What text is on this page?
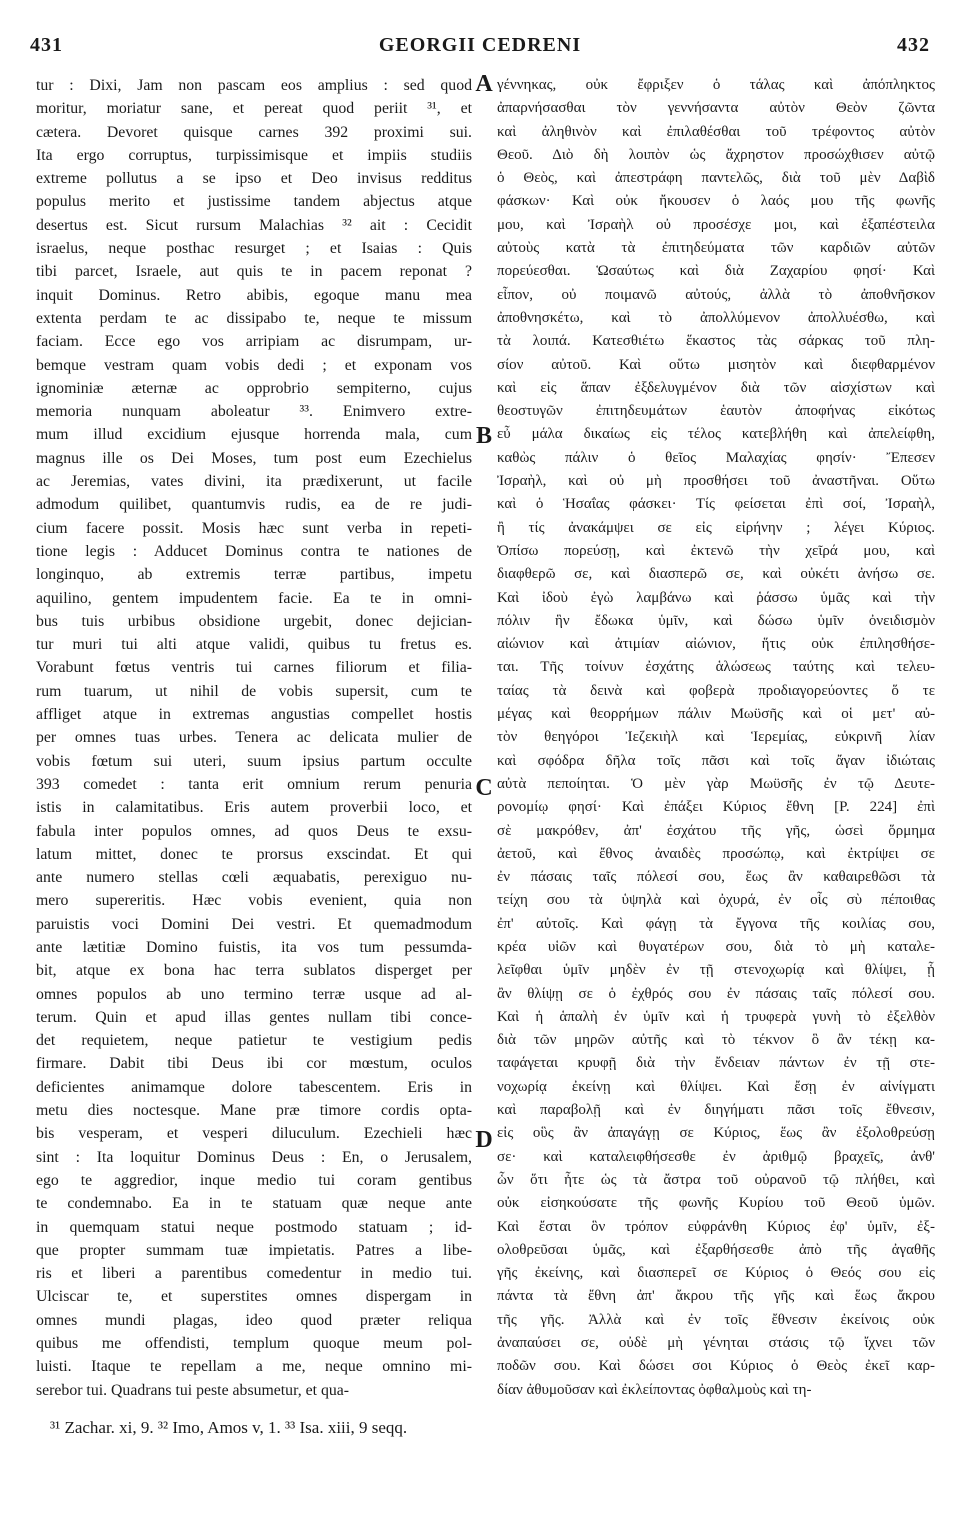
431	GEORGII CEDRENI	432
tur : Dixi, Jam non pascam eos amplius : sed quod
moritur, moriatur sane, et pereat quod periit ³¹, et
cætera. Devoret quisque carnes 392 proximi sui.
Ita ergo corruptus, turpissimisque et impiis studiis
extreme pollutus a se ipso et Deo invisus redditus
populus merito et justissime tandem abjectus atque
desertus est. Sicut rursum Malachias ³² ait : Cecidit
israelus, neque posthac resurget ; et Isaias : Quis
tibi parcet, Israele, aut quis te in pacem reponat ?
inquit Dominus. Retro abibis, egoque manu mea
extenta perdam te ac dissipabo te, neque te missum
faciam. Ecce ego vos arripiam ac disrumpam, ur-
bemque vestram quam vobis dedi ; et exponam vos
ignominiæ æternæ ac opprobrio sempiterno, cujus
memoria nunquam aboleatur ³³. Enimvero extre-
mum illud excidium ejusque horrenda mala, cum
magnus ille os Dei Moses, tum post eum Ezechielus
ac Jeremias, vates divini, ita prædixerunt, ut facile
admodum quilibet, quantumvis rudis, ea de re judi-
cium facere possit. Mosis hæc sunt verba in repeti-
tione legis : Adducet Dominus contra te nationes de
longinquo, ab extremis terræ partibus, impetu
aquilino, gentem impudentem facie. Ea te in omni-
bus tuis urbibus obsidione urgebit, donec dejician-
tur muri tui alti atque validi, quibus tu fretus es.
Vorabunt fœtus ventris tui carnes filiorum et filia-
rum tuarum, ut nihil de vobis supersit, cum te
affliget atque in extremas angustias compellet hostis
per omnes tuas urbes. Tenera ac delicata mulier de
vobis fœtum sui uteri, suum ipsius partum occulte
393 comedet : tanta erit omnium rerum penuria
istis in calamitatibus. Eris autem proverbii loco, et
fabula inter populos omnes, ad quos Deus te exsu-
latum mittet, donec te prorsus exscindat. Et qui
ante numero stellas cœli æquabatis, perexiguo nu-
mero supereritis. Hæc vobis evenient, quia non
paruistis voci Domini Dei vestri. Et quemadmodum
ante lætitiæ Domino fuistis, ita vos tum pessumda-
bit, atque ex bona hac terra sublatos disperget per
omnes populos ab uno termino terræ usque ad al-
terum. Quin et apud illas gentes nullam tibi conce-
det requietem, neque patietur te vestigium pedis
firmare. Dabit tibi Deus ibi cor mœstum, oculos
deficientes animamque dolore tabescentem. Eris in
metu dies noctesque. Mane præ timore cordis opta-
bis vesperam, et vesperi diluculum. Ezechieli hæc
sint : Ita loquitur Dominus Deus : En, o Jerusalem,
ego te aggredior, inque medio tui coram gentibus
te condemnabo. Ea in te statuam quæ neque ante
in quemquam statui neque postmodo statuam ; id-
que propter summam tuæ impietatis. Patres a libe-
ris et liberi a parentibus comedentur in medio tui.
Ulciscar te, et superstites omnes dispergam in
omnes mundi plagas, ideo quod præter reliqua
quibus me offendisti, templum quoque meum pol-
luisti. Itaque te repellam a me, neque omnino mi-
serebor tui. Quadrans tui peste absumetur, et qua-
γέννηκας, οὐκ ἔφριξεν ὁ τάλας καὶ ἀπόπληκτος
ἀπαρνήσασθαι τὸν γεννήσαντα αὐτὸν Θεὸν ζῶντα
καὶ ἀληθινὸν καὶ ἐπιλαθέσθαι τοῦ τρέφοντος αὐτὸν
Θεοῦ. Διὸ δὴ λοιπὸν ὡς ἄχρηστον προσώχθισεν αὐτῷ
ὁ Θεὸς, καὶ ἀπεστράφη παντελῶς, διὰ τοῦ μὲν Δαβὶδ
φάσκων· Καὶ οὐκ ἤκουσεν ὁ λαός μου τῆς φωνῆς
μου, καὶ Ἰσραὴλ οὐ προσέσχε μοι, καὶ ἐξαπέστειλα
αὐτοὺς κατὰ τὰ ἐπιτηδεύματα τῶν καρδιῶν αὐτῶν
πορεύεσθαι. Ὡσαύτως καὶ διὰ Ζαχαρίου φησί· Καὶ
εἶπον, οὐ ποιμανῶ αὐτούς, ἀλλὰ τὸ ἀποθνῆσκον
ἀποθνησκέτω, καὶ τὸ ἀπολλύμενον ἀπολλυέσθω, καὶ
τὰ λοιπά. Κατεσθιέτω ἕκαστος τὰς σάρκας τοῦ πλη-
σίον αὐτοῦ. Καὶ οὕτω μισητὸν καὶ διεφθαρμένον
καὶ εἰς ἅπαν ἐξδελυγμένον διὰ τῶν αἰσχίστων καὶ
θεοστυγῶν ἐπιτηδευμάτων ἑαυτὸν ἀποφήνας εἰκότως
εὖ μάλα δικαίως εἰς τέλος κατεβλήθη καὶ ἀπελείφθη,
καθὼς πάλιν ὁ θεῖος Μαλαχίας φησίν· Ἔπεσεν
Ἰσραὴλ, καὶ οὐ μὴ προσθήσει τοῦ ἀναστῆναι. Οὕτω
καὶ ὁ Ἡσαΐας φάσκει· Τίς φείσεται ἐπὶ σοί, Ἰσραὴλ,
ἢ τίς ἀνακάμψει σε εἰς εἰρήνην ; λέγει Κύριος.
Ὀπίσω πορεύσῃ, καὶ ἐκτενῶ τὴν χεῖρά μου, καὶ
διαφθερῶ σε, καὶ διασπερῶ σε, καὶ οὐκέτι ἀνήσω σε.
Καὶ ἰδοὺ ἐγὼ λαμβάνω καὶ ῥάσσω ὑμᾶς καὶ τὴν
πόλιν ἣν ἔδωκα ὑμῖν, καὶ δώσω ὑμῖν ὀνειδισμὸν
αἰώνιον καὶ ἀτιμίαν αἰώνιον, ἥτις οὐκ ἐπιλησθήσε-
ται. Τῆς τοίνυν ἐσχάτης ἁλώσεως ταύτης καὶ τελευ-
ταίας τὰ δεινὰ καὶ φοβερὰ προδιαγορεύοντες ὅ τε
μέγας καὶ θεορρήμων πάλιν Μωϋσῆς καὶ οἱ μετ' αὐ-
τὸν θεηγόροι Ἰεζεκιὴλ καὶ Ἱερεμίας, εὐκρινῆ λίαν
καὶ σφόδρα δῆλα τοῖς πᾶσι καὶ τοῖς ἄγαν ἰδιώταις
αὐτὰ πεποίηται. Ὁ μὲν γὰρ Μωϋσῆς ἐν τῷ Δευτε-
ρονομίῳ φησί· Καὶ ἐπάξει Κύριος ἔθνη [P. 224] ἐπὶ
σὲ μακρόθεν, ἀπ' ἐσχάτου τῆς γῆς, ὡσεὶ ὅρμημα
ἀετοῦ, καὶ ἔθνος ἀναιδὲς προσώπῳ, καὶ ἐκτρίψει σε
ἐν πάσαις ταῖς πόλεσί σου, ἕως ἂν καθαιρεθῶσι τὰ
τείχη σου τὰ ὑψηλὰ καὶ ὀχυρά, ἐν οἷς σὺ πέποιθας
ἐπ' αὐτοῖς. Καὶ φάγῃ τὰ ἔγγονα τῆς κοιλίας σου,
κρέα υἱῶν καὶ θυγατέρων σου, διὰ τὸ μὴ καταλε-
λεῖφθαι ὑμῖν μηδὲν ἐν τῇ στενοχωρίᾳ καὶ θλίψει, ᾗ
ἂν θλίψῃ σε ὁ ἐχθρός σου ἐν πάσαις ταῖς πόλεσί σου.
Καὶ ἡ ἁπαλὴ ἐν ὑμῖν καὶ ἡ τρυφερὰ γυνὴ τὸ ἐξελθὸν
διὰ τῶν μηρῶν αὐτῆς καὶ τὸ τέκνον ὃ ἂν τέκῃ κα-
ταφάγεται κρυφῇ διὰ τὴν ἔνδειαν πάντων ἐν τῇ στε-
νοχωρίᾳ ἐκείνῃ καὶ θλίψει. Καὶ ἔσῃ ἐν αἰνίγματι
καὶ παραβολῇ καὶ ἐν διηγήματι πᾶσι τοῖς ἔθνεσιν,
εἰς οὓς ἂν ἀπαγάγῃ σε Κύριος, ἕως ἂν ἐξολοθρεύσῃ
σε· καὶ καταλειφθήσεσθε ἐν ἀριθμῷ βραχεῖς, ἀνθ'
ὧν ὅτι ἦτε ὡς τὰ ἄστρα τοῦ οὐρανοῦ τῷ πλήθει, καὶ
οὐκ εἰσηκούσατε τῆς φωνῆς Κυρίου τοῦ Θεοῦ ὑμῶν.
Καὶ ἔσται ὃν τρόπον εὐφράνθη Κύριος ἐφ' ὑμῖν, ἐξ-
ολοθρεῦσαι ὑμᾶς, καὶ ἐξαρθήσεσθε ἀπὸ τῆς ἀγαθῆς
γῆς ἐκείνης, καὶ διασπερεῖ σε Κύριος ὁ Θεός σου εἰς
πάντα τὰ ἔθνη ἀπ' ἄκρου τῆς γῆς καὶ ἕως ἄκρου
τῆς γῆς. Ἀλλὰ καὶ ἐν τοῖς ἔθνεσιν ἐκείνοις οὐκ
ἀναπαύσει σε, οὐδὲ μὴ γένηται στάσις τῷ ἴχνει τῶν
ποδῶν σου. Καὶ δώσει σοι Κύριος ὁ Θεὸς ἐκεῖ καρ-
δίαν ἀθυμοῦσαν καὶ ἐκλείποντας ὀφθαλμοὺς καὶ τη-
A
B
C
D
³¹ Zachar. xi, 9. ³² Imo, Amos v, 1. ³³ Isa. xiii, 9 seqq.
